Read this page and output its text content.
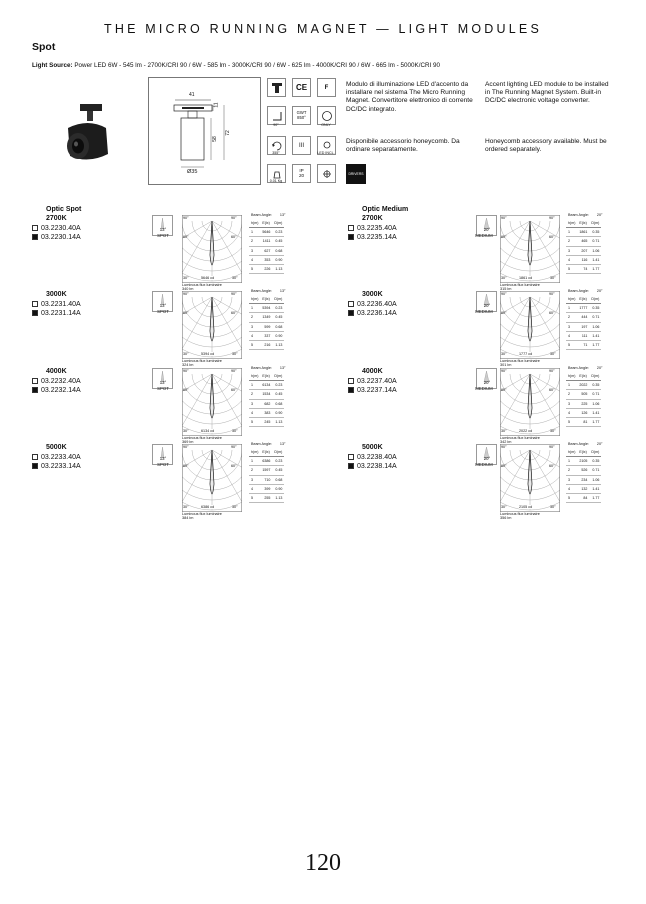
THE MICRO RUNNING MAGNET — LIGHT MODULES
Spot
Light Source: Power LED 6W - 545 lm - 2700K/CRI 90 / 6W - 585 lm - 3000K/CRI 90 / 6W - 625 lm - 4000K/CRI 90 / 6W - 665 lm - 5000K/CRI 90
41
11
58
72
Ø35
CE	F
90°
GWT 850°
ONLY
355°
III
LED INCL.
0.01 Kg
IP
20	DRIVERS
Modulo di illuminazione LED d'accento da installare nel sistema The Micro Running Magnet. Convertitore elettronico di corrente DC/DC integrato.
Accent lighting LED module to be installed in The Running Magnet System. Built-in DC/DC electronic voltage converter.
Disponibile accessorio honeycomb. Da ordinare separatamente.
Honeycomb accessory available. Must be ordered separately.
Optic Spot	Optic Medium
2700K
03.2230.40A
03.2230.14A
13°
SPOT
90°	90°
60°	60°
30°	30°
5646 cd
Luminous flux luminaire
340 lm
Beam Angle: 13°
h(m)	E(lx)	D(m)
1	5646	0.23
2	1411	0.45
3	627	0.68
4	353	0.90
5	226	1.13
3000K
03.2231.40A
03.2231.14A
13°
SPOT
90°	90°
60°	60°
30°	30°
5394 cd
Luminous flux luminaire
324 lm
Beam Angle: 13°
h(m)	E(lx)	D(m)
1	5394	0.23
2	1349	0.45
3	599	0.68
4	337	0.90
5	216	1.13
4000K
03.2232.40A
03.2232.14A
13°
SPOT
90°	90°
60°	60°
30°	30°
6134 cd
Luminous flux luminaire
369 lm
Beam Angle: 13°
h(m)	E(lx)	D(m)
1	6134	0.23
2	1534	0.45
3	682	0.68
4	383	0.90
5	245	1.13
5000K
03.2233.40A
03.2233.14A
13°
SPOT
90°	90°
60°	60°
30°	30°
6386 cd
Luminous flux luminaire
384 lm
Beam Angle: 13°
h(m)	E(lx)	D(m)
1	6386	0.23
2	1597	0.45
3	710	0.68
4	399	0.90
5	255	1.13
2700K
03.2235.40A
03.2235.14A
20°
MEDIUM
90°	90°
60°	60°
30°	30°
1861 cd
Luminous flux luminaire
315 lm
Beam Angle: 20°
h(m)	E(lx)	D(m)
1	1861	0.35
2	465	0.71
3	207	1.06
4	116	1.41
5	74	1.77
3000K
03.2236.40A
03.2236.14A
20°
MEDIUM
90°	90°
60°	60°
30°	30°
1777 cd
Luminous flux luminaire
301 lm
Beam Angle: 20°
h(m)	E(lx)	D(m)
1	1777	0.35
2	444	0.71
3	197	1.06
4	111	1.41
5	71	1.77
4000K
03.2237.40A
03.2237.14A
20°
MEDIUM
90°	90°
60°	60°
30°	30°
2022 cd
Luminous flux luminaire
342 lm
Beam Angle: 20°
h(m)	E(lx)	D(m)
1	2022	0.35
2	505	0.71
3	225	1.06
4	126	1.41
5	81	1.77
5000K
03.2238.40A
03.2238.14A
20°
MEDIUM
90°	90°
60°	60°
30°	30°
2105 cd
Luminous flux luminaire
356 lm
Beam Angle: 20°
h(m)	E(lx)	D(m)
1	2105	0.35
2	526	0.71
3	234	1.06
4	132	1.41
5	84	1.77
120
